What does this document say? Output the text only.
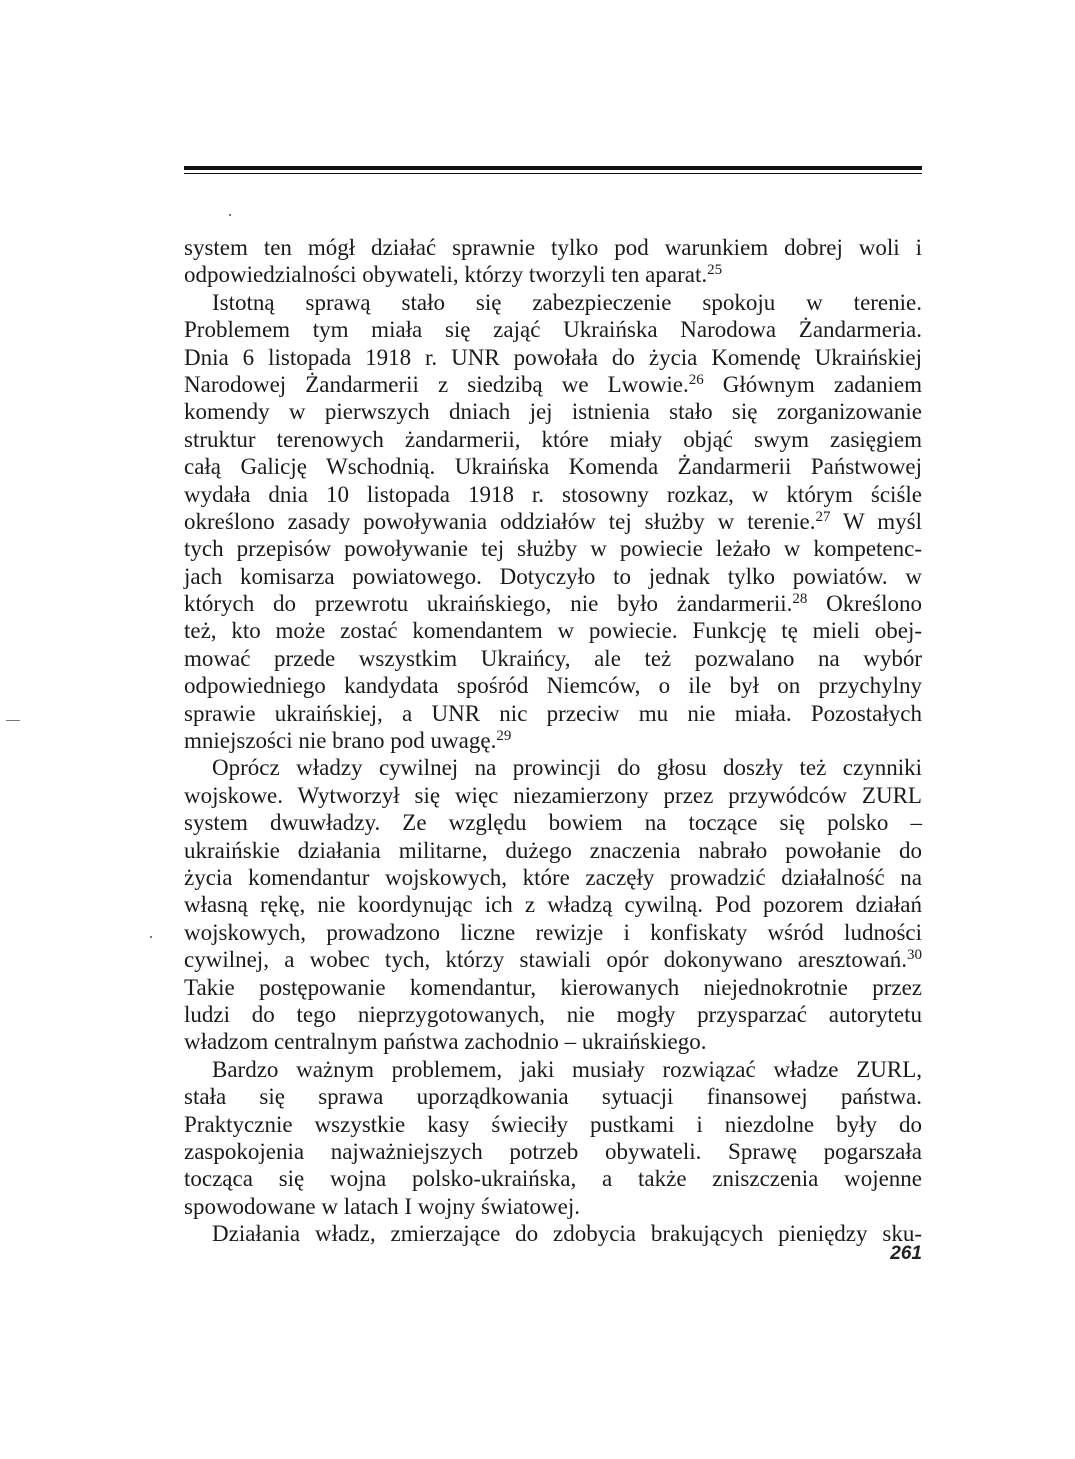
system ten mógł działać sprawnie tylko pod warunkiem dobrej woli i
odpowiedzialności obywateli, którzy tworzyli ten aparat.$^{25}$
Istotną sprawą stało się zabezpieczenie spokoju w terenie.
Problemem tym miała się zająć Ukraińska Narodowa Żandarmeria.
Dnia 6 listopada 1918 r. UNR powołała do życia Komendę Ukraińskiej
Narodowej Żandarmerii z siedzibą we Lwowie.$^{26}$ Głównym zadaniem
komendy w pierwszych dniach jej istnienia stało się zorganizowanie
struktur terenowych żandarmerii, które miały objąć swym zasięgiem
całą Galicję Wschodnią. Ukraińska Komenda Żandarmerii Państwowej
wydała dnia 10 listopada 1918 r. stosowny rozkaz, w którym ściśle
określono zasady powoływania oddziałów tej służby w terenie.$^{27}$ W myśl
tych przepisów powoływanie tej służby w powiecie leżało w kompetenc-
jach komisarza powiatowego. Dotyczyło to jednak tylko powiatów. w
których do przewrotu ukraińskiego, nie było żandarmerii.$^{28}$ Określono
też, kto może zostać komendantem w powiecie. Funkcję tę mieli obej-
mować przede wszystkim Ukraińcy, ale też pozwalano na wybór
odpowiedniego kandydata spośród Niemców, o ile był on przychylny
sprawie ukraińskiej, a UNR nic przeciw mu nie miała. Pozostałych
mniejszości nie brano pod uwagę.$^{29}$
Oprócz władzy cywilnej na prowincji do głosu doszły też czynniki
wojskowe. Wytworzył się więc niezamierzony przez przywódców ZURL
system dwuwładzy. Ze względu bowiem na toczące się polsko –
ukraińskie działania militarne, dużego znaczenia nabrało powołanie do
życia komendantur wojskowych, które zaczęły prowadzić działalność na
własną rękę, nie koordynując ich z władzą cywilną. Pod pozorem działań
wojskowych, prowadzono liczne rewizje i konfiskaty wśród ludności
cywilnej, a wobec tych, którzy stawiali opór dokonywano aresztowań.$^{30}$
Takie postępowanie komendantur, kierowanych niejednokrotnie przez
ludzi do tego nieprzygotowanych, nie mogły przysparzać autorytetu
władzom centralnym państwa zachodnio – ukraińskiego.
Bardzo ważnym problemem, jaki musiały rozwiązać władze ZURL,
stała się sprawa uporządkowania sytuacji finansowej państwa.
Praktycznie wszystkie kasy świeciły pustkami i niezdolne były do
zaspokojenia najważniejszych potrzeb obywateli. Sprawę pogarszała
tocząca się wojna polsko-ukraińska, a także zniszczenia wojenne
spowodowane w latach I wojny światowej.
Działania władz, zmierzające do zdobycia brakujących pieniędzy sku-
261
